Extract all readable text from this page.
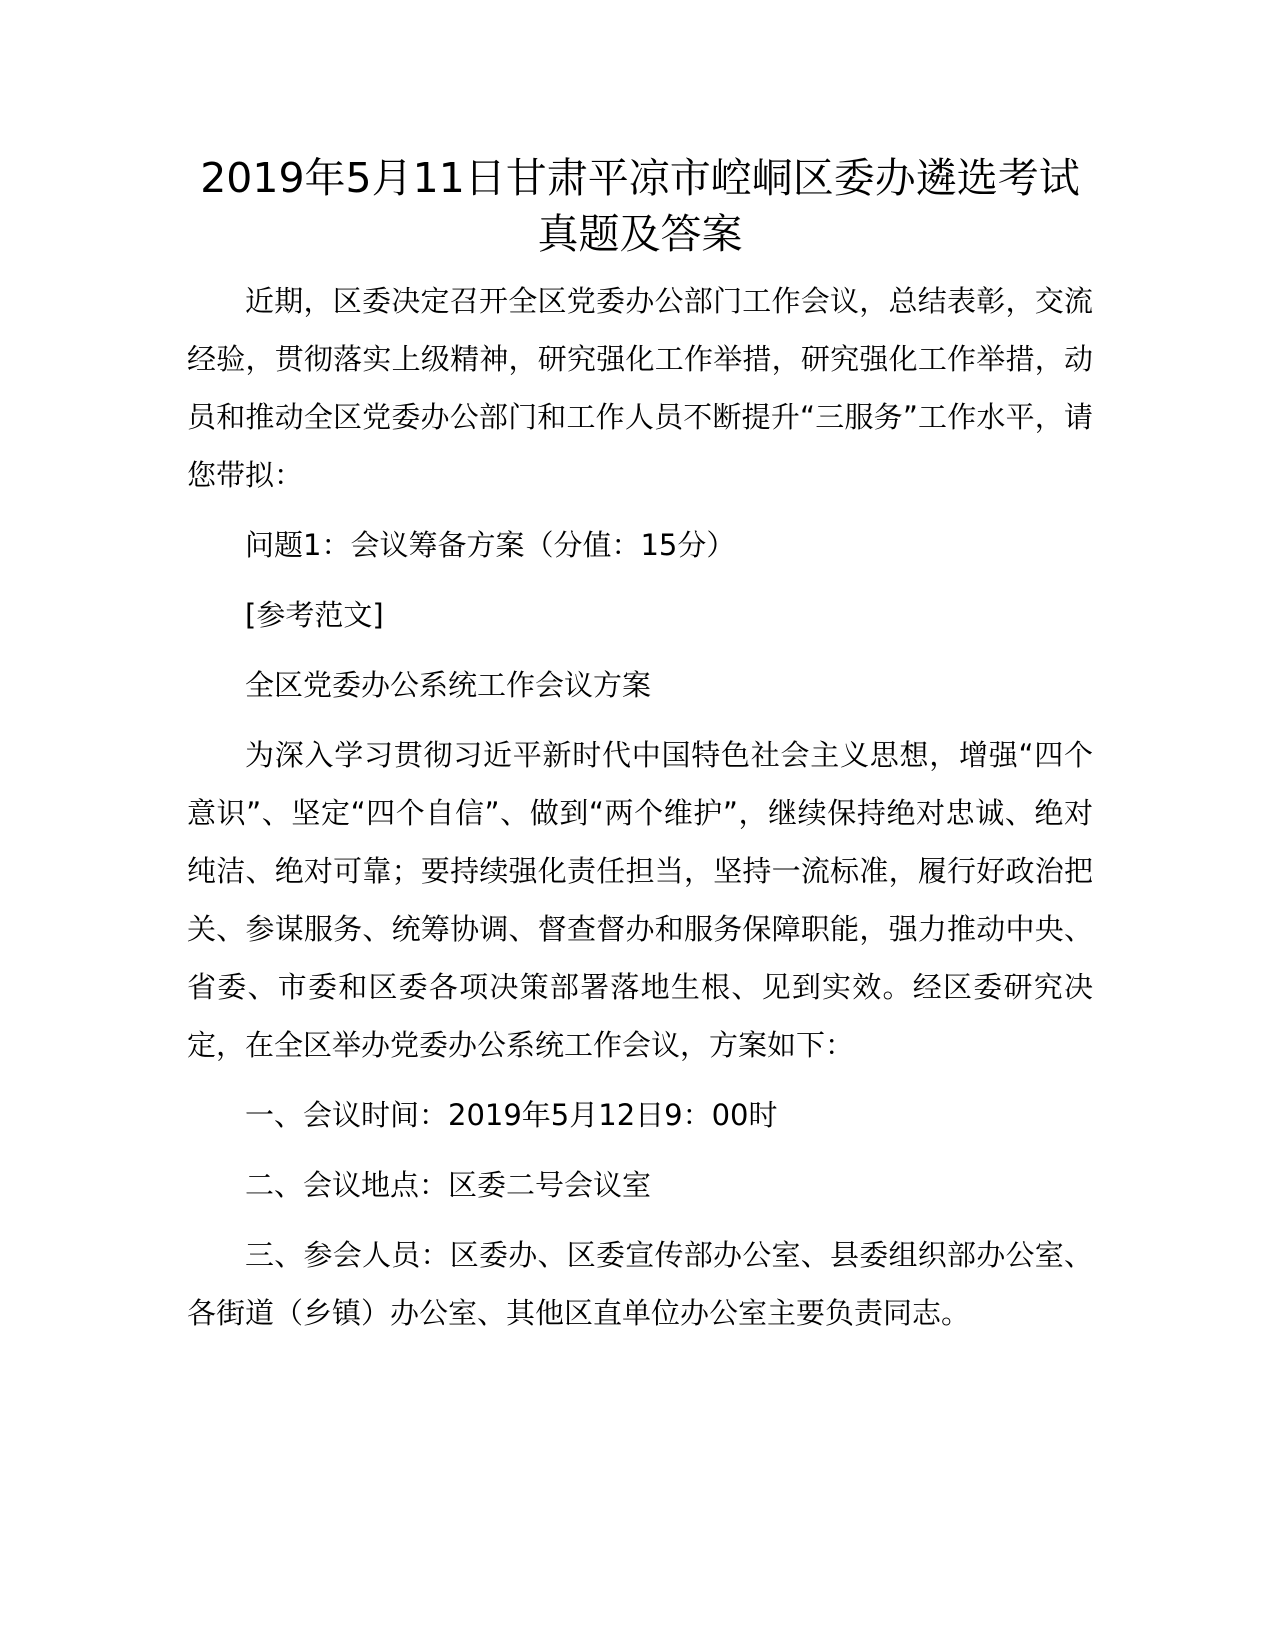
2019年5月11日甘肃平凉市崆峒区委办遴选考试真题及答案

近期，区委决定召开全区党委办公部门工作会议，总结表彰，交流经验，贯彻落实上级精神，研究强化工作举措，研究强化工作举措，动员和推动全区党委办公部门和工作人员不断提升“三服务”工作水平，请您带拟：

问题1：会议筹备方案（分值：15分）

[参考范文]

全区党委办公系统工作会议方案

为深入学习贯彻习近平新时代中国特色社会主义思想，增强“四个意识”、坚定“四个自信”、做到“两个维护”，继续保持绝对忠诚、绝对纯洁、绝对可靠；要持续强化责任担当，坚持一流标准，履行好政治把关、参谋服务、统筹协调、督查督办和服务保障职能，强力推动中央、省委、市委和区委各项决策部署落地生根、见到实效。经区委研究决定，在全区举办党委办公系统工作会议，方案如下：

一、会议时间：2019年5月12日9：00时

二、会议地点：区委二号会议室

三、参会人员：区委办、区委宣传部办公室、县委组织部办公室、各街道（乡镇）办公室、其他区直单位办公室主要负责同志。
